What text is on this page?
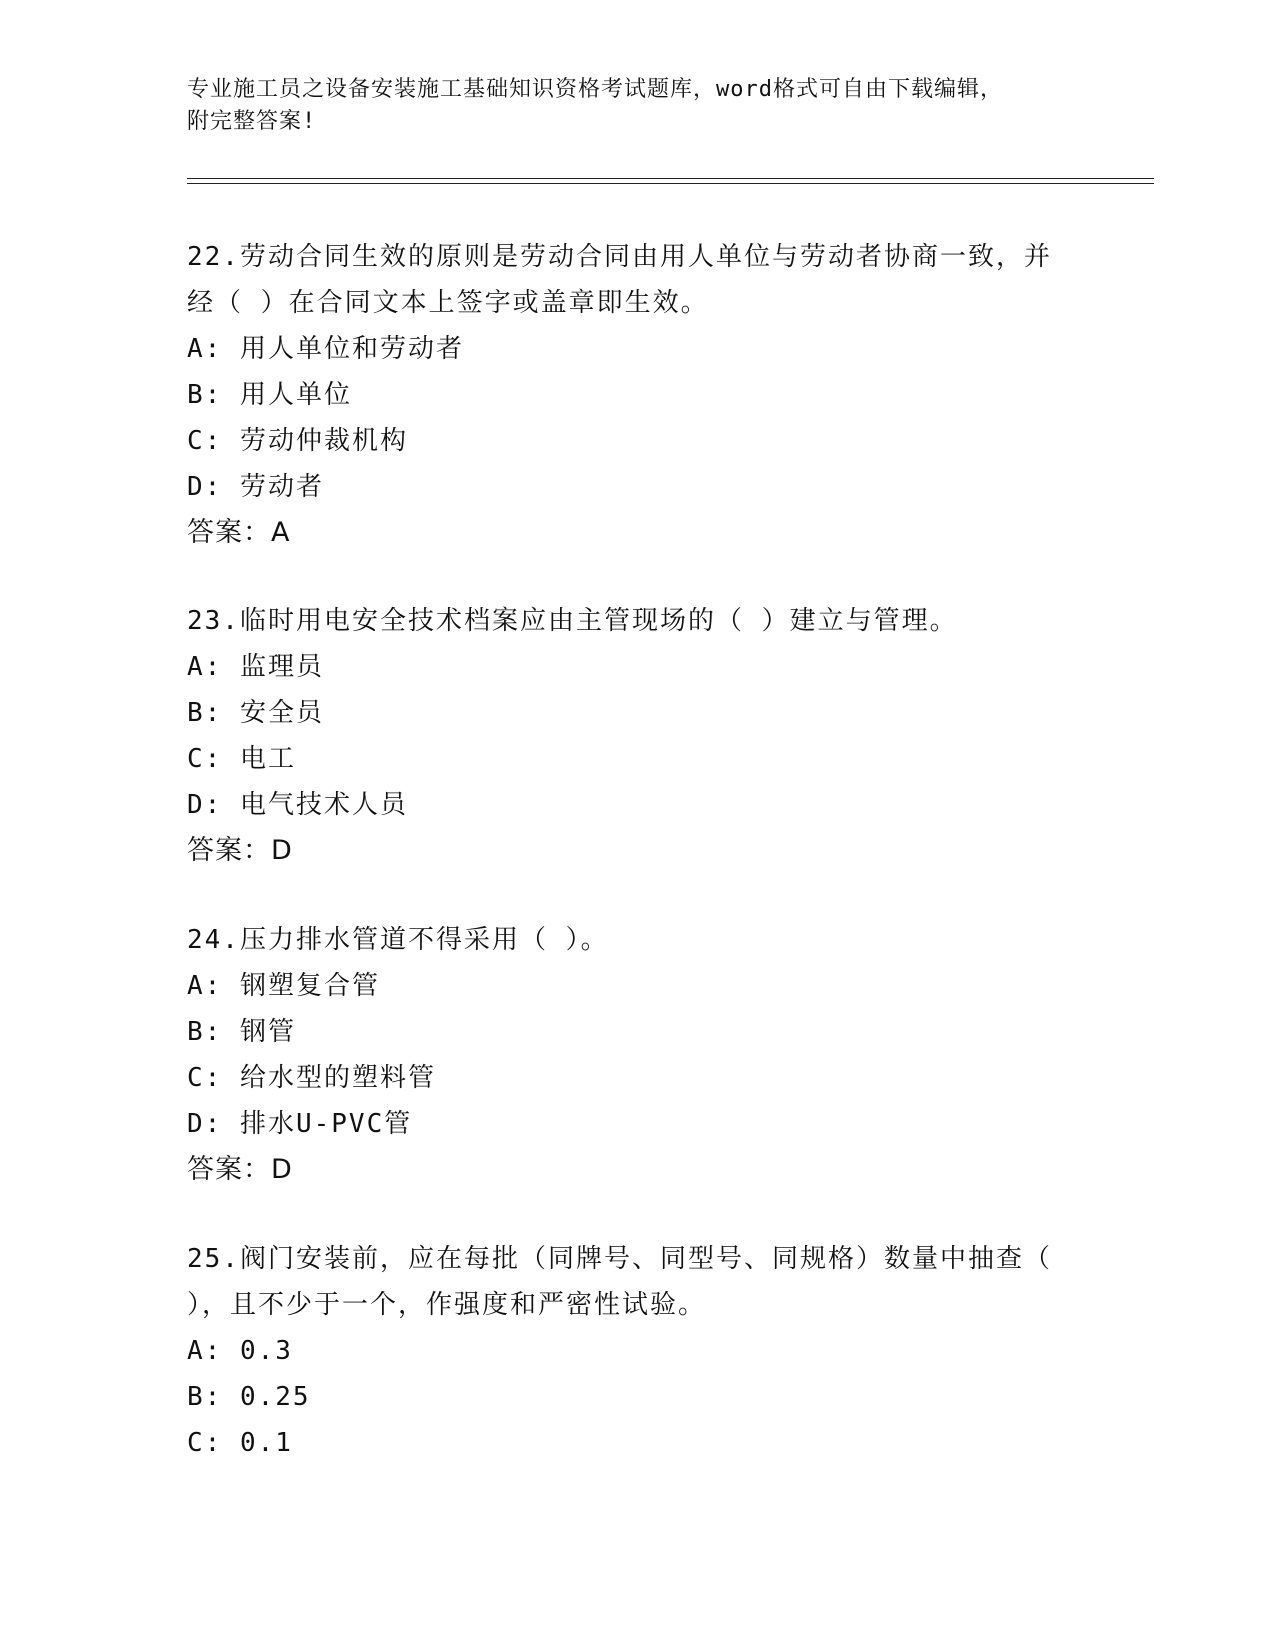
专业施工员之设备安装施工基础知识资格考试题库，word格式可自由下载编辑，
附完整答案!
22.劳动合同生效的原则是劳动合同由用人单位与劳动者协商一致，并
经（ ）在合同文本上签字或盖章即生效。
A: 用人单位和劳动者
B: 用人单位
C: 劳动仲裁机构
D: 劳动者
答案：A
23.临时用电安全技术档案应由主管现场的（ ）建立与管理。
A: 监理员
B: 安全员
C: 电工
D: 电气技术人员
答案：D
24.压力排水管道不得采用（ ）。
A: 钢塑复合管
B: 钢管
C: 给水型的塑料管
D: 排水U-PVC管
答案：D
25.阀门安装前，应在每批（同牌号、同型号、同规格）数量中抽查（
），且不少于一个，作强度和严密性试验。
A: 0.3
B: 0.25
C: 0.1
